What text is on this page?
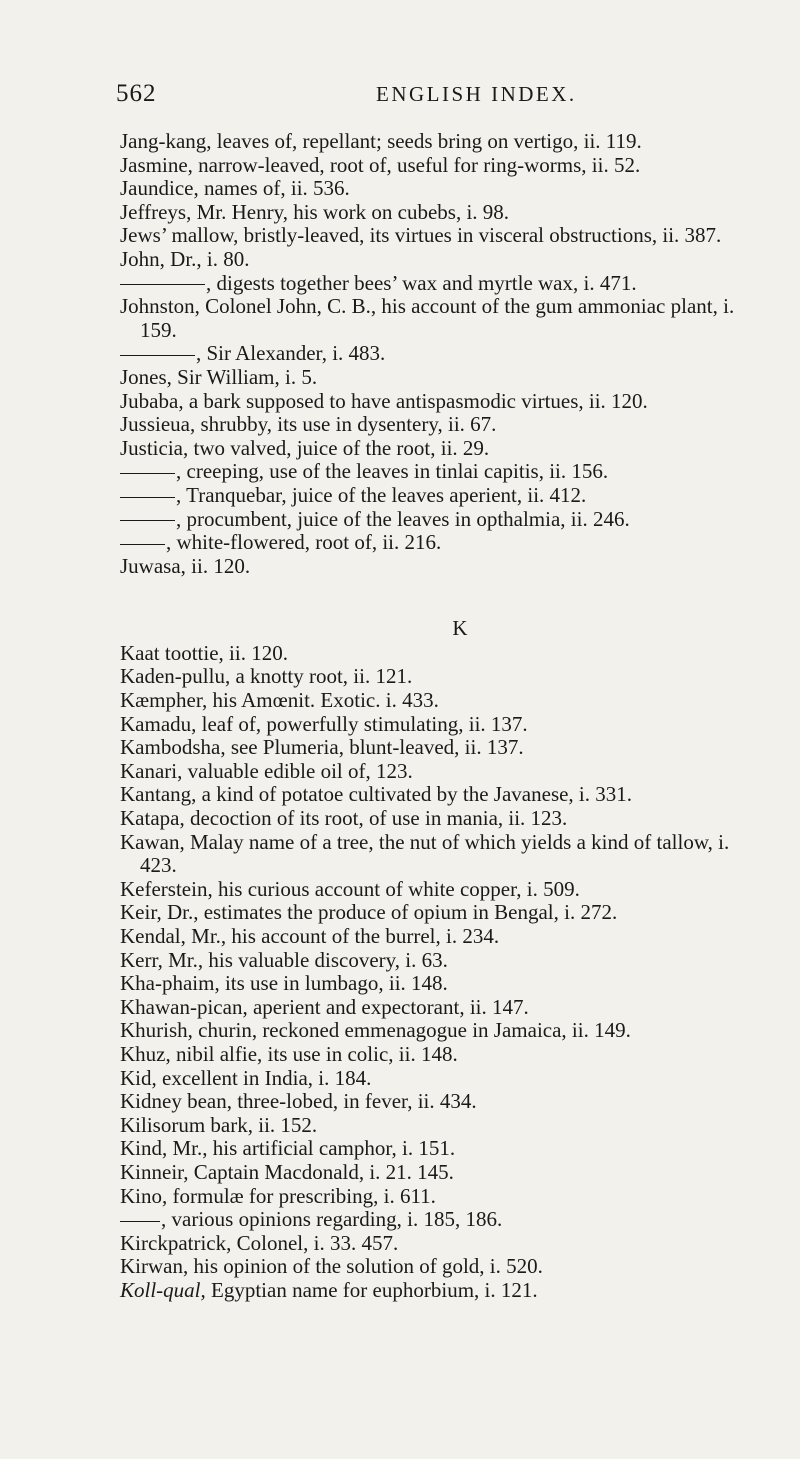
562	ENGLISH INDEX.

Jang-kang, leaves of, repellant; seeds bring on vertigo, ii. 119.

Jasmine, narrow-leaved, root of, useful for ring-worms, ii. 52.

Jaundice, names of, ii. 536.

Jeffreys, Mr. Henry, his work on cubebs, i. 98.

Jews’ mallow, bristly-leaved, its virtues in visceral obstructions, ii. 387.

John, Dr., i. 80.

, digests together bees’ wax and myrtle wax, i. 471.

Johnston, Colonel John, C. B., his account of the gum ammoniac plant, i. 159.

, Sir Alexander, i. 483.

Jones, Sir William, i. 5.

Jubaba, a bark supposed to have antispasmodic virtues, ii. 120.

Jussieua, shrubby, its use in dysentery, ii. 67.

Justicia, two valved, juice of the root, ii. 29.

, creeping, use of the leaves in tinlai capitis, ii. 156.

, Tranquebar, juice of the leaves aperient, ii. 412.

, procumbent, juice of the leaves in opthalmia, ii. 246.

, white-flowered, root of, ii. 216.

Juwasa, ii. 120.

K

Kaat toottie, ii. 120.

Kaden-pullu, a knotty root, ii. 121.

Kæmpher, his Amœnit. Exotic. i. 433.

Kamadu, leaf of, powerfully stimulating, ii. 137.

Kambodsha, see Plumeria, blunt-leaved, ii. 137.

Kanari, valuable edible oil of, 123.

Kantang, a kind of potatoe cultivated by the Javanese, i. 331.

Katapa, decoction of its root, of use in mania, ii. 123.

Kawan, Malay name of a tree, the nut of which yields a kind of tallow, i. 423.

Keferstein, his curious account of white copper, i. 509.

Keir, Dr., estimates the produce of opium in Bengal, i. 272.

Kendal, Mr., his account of the burrel, i. 234.

Kerr, Mr., his valuable discovery, i. 63.

Kha-phaim, its use in lumbago, ii. 148.

Khawan-pican, aperient and expectorant, ii. 147.

Khurish, churin, reckoned emmenagogue in Jamaica, ii. 149.

Khuz, nibil alfie, its use in colic, ii. 148.

Kid, excellent in India, i. 184.

Kidney bean, three-lobed, in fever, ii. 434.

Kilisorum bark, ii. 152.

Kind, Mr., his artificial camphor, i. 151.

Kinneir, Captain Macdonald, i. 21. 145.

Kino, formulæ for prescribing, i. 611.

, various opinions regarding, i. 185, 186.

Kirckpatrick, Colonel, i. 33. 457.

Kirwan, his opinion of the solution of gold, i. 520.

Koll-qual, Egyptian name for euphorbium, i. 121.
